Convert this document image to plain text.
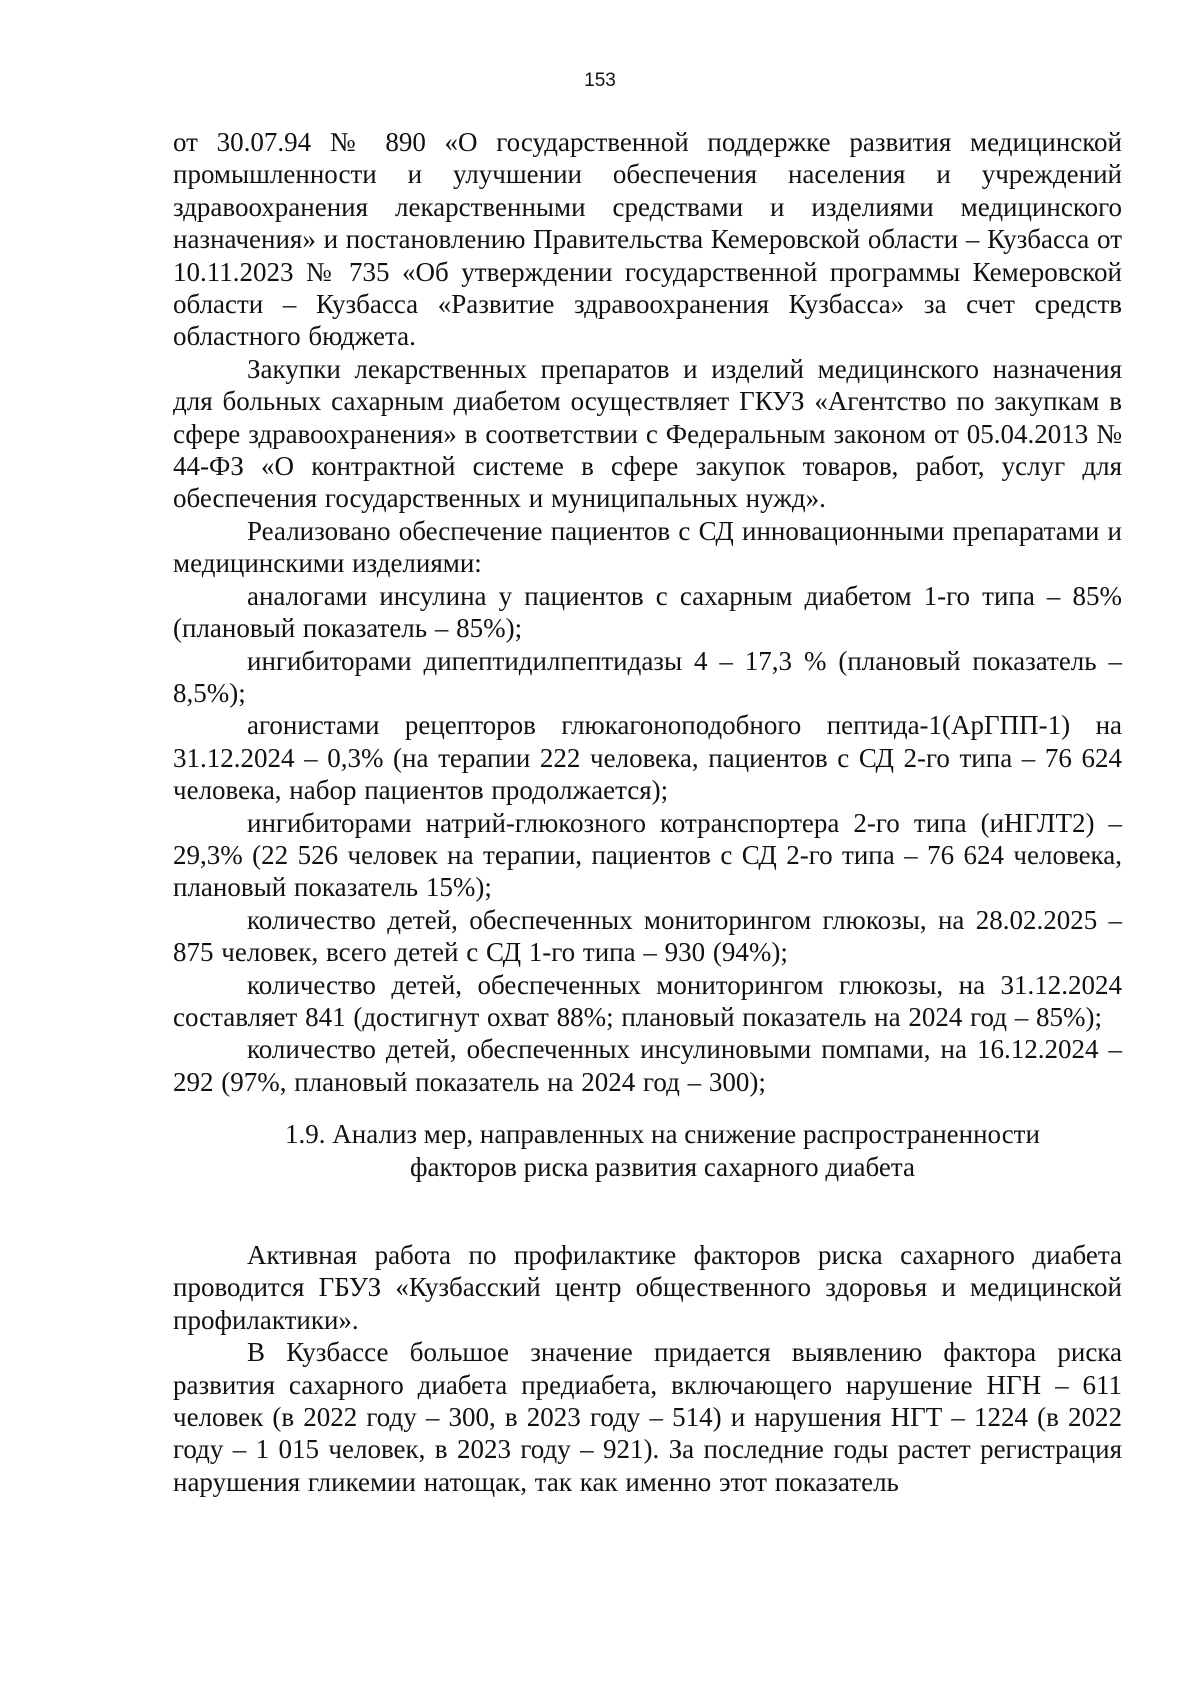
153

от 30.07.94 № 890 «О государственной поддержке развития медицинской промышленности и улучшении обеспечения населения и учреждений здравоохранения лекарственными средствами и изделиями медицинского назначения» и постановлению Правительства Кемеровской области – Кузбасса от 10.11.2023 № 735 «Об утверждении государственной программы Кемеровской области – Кузбасса «Развитие здравоохранения Кузбасса» за счет средств областного бюджета.

Закупки лекарственных препаратов и изделий медицинского назначения для больных сахарным диабетом осуществляет ГКУЗ «Агентство по закупкам в сфере здравоохранения» в соответствии с Федеральным законом от 05.04.2013 № 44-ФЗ «О контрактной системе в сфере закупок товаров, работ, услуг для обеспечения государственных и муниципальных нужд».

Реализовано обеспечение пациентов с СД инновационными препаратами и медицинскими изделиями:

аналогами инсулина у пациентов с сахарным диабетом 1-го типа – 85% (плановый показатель – 85%);

ингибиторами дипептидилпептидазы 4 – 17,3 % (плановый показатель – 8,5%);

агонистами рецепторов глюкагоноподобного пептида-1(АрГПП-1) на 31.12.2024 – 0,3% (на терапии 222 человека, пациентов с СД 2-го типа – 76 624 человека, набор пациентов продолжается);

ингибиторами натрий-глюкозного котранспортера 2-го типа (иНГЛТ2) – 29,3% (22 526 человек на терапии, пациентов с СД 2-го типа – 76 624 человека, плановый показатель 15%);

количество детей, обеспеченных мониторингом глюкозы, на 28.02.2025 – 875 человек, всего детей с СД 1-го типа – 930 (94%);

количество детей, обеспеченных мониторингом глюкозы, на 31.12.2024 составляет 841 (достигнут охват 88%; плановый показатель на 2024 год – 85%);

количество детей, обеспеченных инсулиновыми помпами, на 16.12.2024 – 292 (97%, плановый показатель на 2024 год – 300);

1.9. Анализ мер, направленных на снижение распространенности
факторов риска развития сахарного диабета

Активная работа по профилактике факторов риска сахарного диабета проводится ГБУЗ «Кузбасский центр общественного здоровья и медицинской профилактики».

В Кузбассе большое значение придается выявлению фактора риска развития сахарного диабета предиабета, включающего нарушение НГН – 611 человек (в 2022 году – 300, в 2023 году – 514) и нарушения НГТ – 1224 (в 2022 году – 1 015 человек, в 2023 году – 921). За последние годы растет регистрация нарушения гликемии натощак, так как именно этот показатель
